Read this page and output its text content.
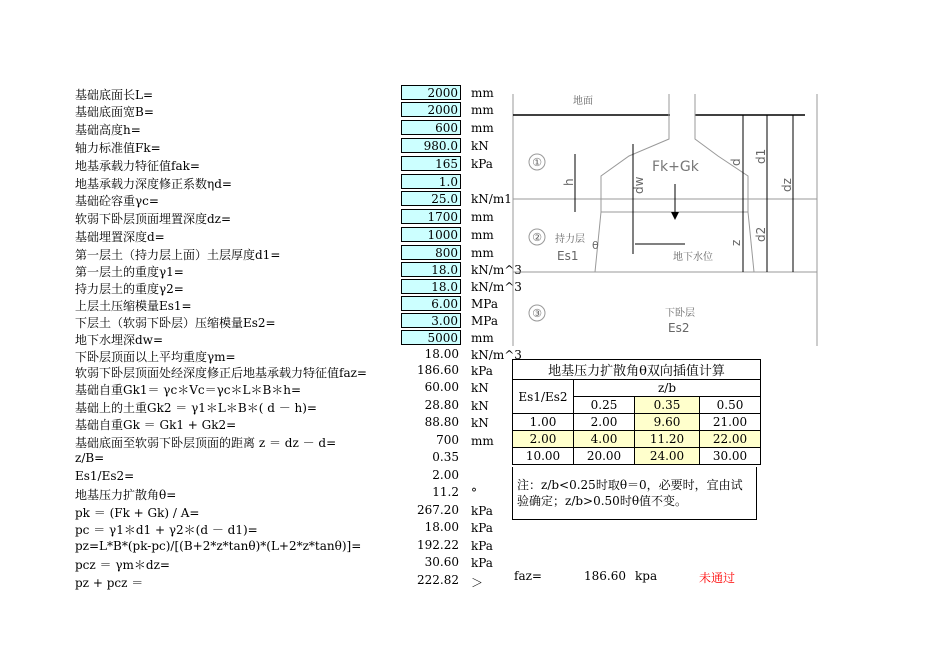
基础底面长L=	2000 mm
基础底面宽B=	2000 mm
基础高度h=	600 mm
轴力标准值Fk=	980.0 kN
地基承载力特征值fak=	165 kPa
地基承载力深度修正系数ηd=	1.0
基础砼容重γc=	25.0 kN/m1
软弱下卧层顶面埋置深度dz=	1700 mm
基础埋置深度d=	1000 mm
第一层土（持力层上面）土层厚度d1=	800 mm
第一层土的重度γ1=	18.0 kN/m^3
持力层土的重度γ2=	18.0 kN/m^3
上层土压缩模量Es1=	6.00 MPa
下层土（软弱下卧层）压缩模量Es2=	3.00 MPa
地下水埋深dw=	5000 mm
下卧层顶面以上平均重度γm=	18.00 kN/m^3
软弱下卧层顶面处经深度修正后地基承载力特征值faz=	186.60 kPa
基础自重Gk1＝ γc＊Vc＝γc＊L＊B＊h=	60.00 kN
基础上的土重Gk2 ＝ γ1＊L＊B＊( d － h)=	28.80 kN
基础自重Gk ＝ Gk1 + Gk2=	88.80 kN
基础底面至软弱下卧层顶面的距离 z ＝ dz － d=	700 mm
z/B=	0.35
Es1/Es2=	2.00
地基压力扩散角θ=	11.2 °
pk ＝ (Fk + Gk) / A=	267.20 kPa
pc ＝ γ1＊d1 + γ2＊(d － d1)=	18.00 kPa
pz=L*B*(pk-pc)/[(B+2*z*tanθ)*(L+2*z*tanθ)]=	192.22 kPa
pcz ＝ γm＊dz=	30.60 kPa
pz + pcz ＝	222.82 ＞
①
②
③
地面
Fk+Gk
地下水位
持力层
Es1
θ
下卧层
Es2
h	dw
d d1
dz
d2
z
地基压力扩散角θ双向插值计算			
Es1/Es2	z/b		
	0.25	0.35	0.50
1.00	2.00	9.60	21.00
2.00	4.00	11.20	22.00
10.00	20.00	24.00	30.00
注：z/b<0.25时取θ＝0，必要时，宜由试验确定；z/b>0.50时θ值不变。
faz=	186.60 kpa	未通过
